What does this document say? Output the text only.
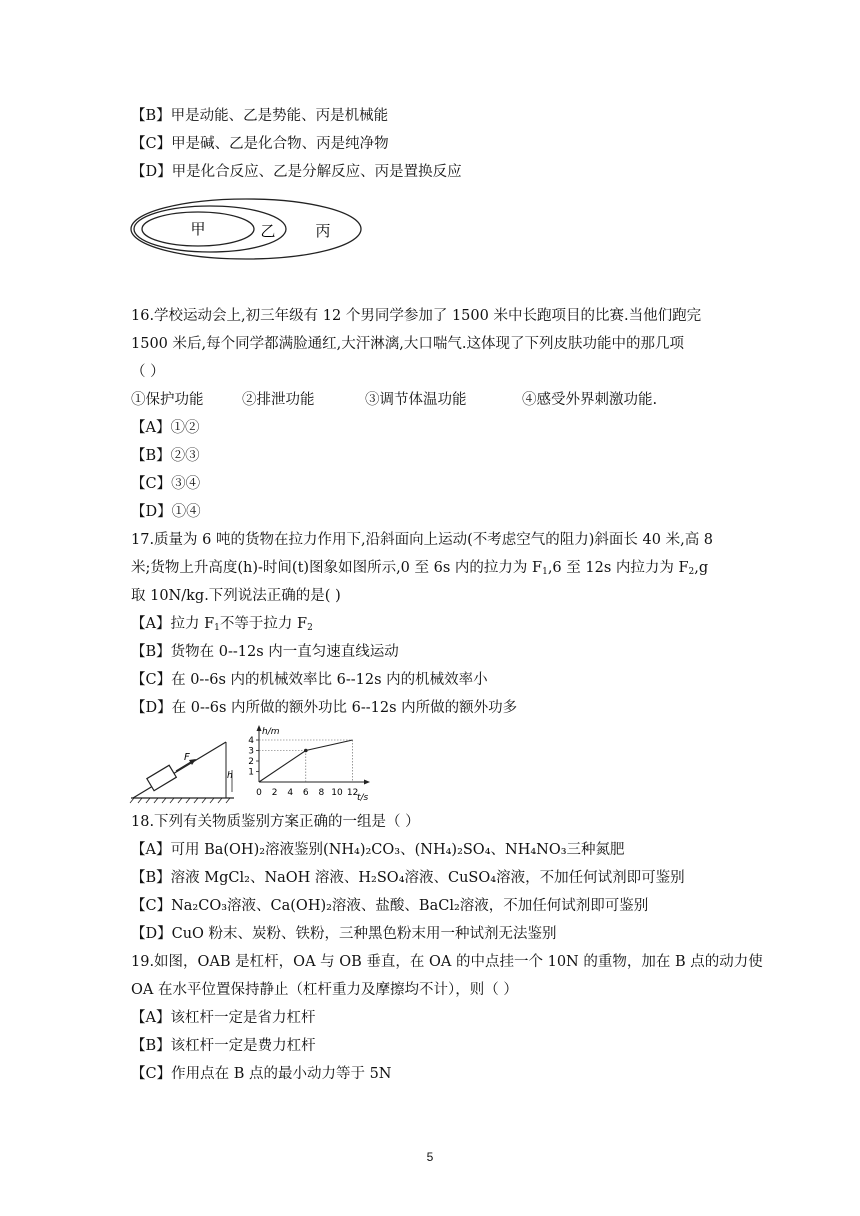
【B】甲是动能、乙是势能、丙是机械能
【C】甲是碱、乙是化合物、丙是纯净物
【D】甲是化合反应、乙是分解反应、丙是置换反应
甲	乙	丙
16.学校运动会上,初三年级有 12 个男同学参加了 1500 米中长跑项目的比赛.当他们跑完
1500 米后,每个同学都满脸通红,大汗淋漓,大口喘气.这体现了下列皮肤功能中的那几项
（ ）
①保护功能	②排泄功能	③调节体温功能	④感受外界刺激功能.
【A】①②
【B】②③
【C】③④
【D】①④
17.质量为 6 吨的货物在拉力作用下,沿斜面向上运动(不考虑空气的阻力)斜面长 40 米,高 8
米;货物上升高度(h)-时间(t)图象如图所示,0 至 6s 内的拉力为 $F_1,6$ 至 12s 内拉力为 $F_2,g$
取 10N/kg.下列说法正确的是( )
【A】拉力 $F_1$不等于拉力 $F_2$
【B】货物在 0--12s 内一直匀速直线运动
【C】在 0--6s 内的机械效率比 6--12s 内的机械效率小
【D】在 0--6s 内所做的额外功比 6--12s 内所做的额外功多
F
h
h/m
t/s
1
2
3
4
0 2 4 6 8 10 12
18.下列有关物质鉴别方案正确的一组是（ ）
【A】可用 Ba(OH)₂溶液鉴别(NH₄)₂CO₃、(NH₄)₂SO₄、NH₄NO₃三种氮肥
【B】溶液 MgCl₂、NaOH 溶液、H₂SO₄溶液、CuSO₄溶液，不加任何试剂即可鉴别
【C】Na₂CO₃溶液、Ca(OH)₂溶液、盐酸、BaCl₂溶液，不加任何试剂即可鉴别
【D】CuO 粉末、炭粉、铁粉，三种黑色粉末用一种试剂无法鉴别
19.如图，OAB 是杠杆，OA 与 OB 垂直，在 OA 的中点挂一个 10N 的重物，加在 B 点的动力使
OA 在水平位置保持静止（杠杆重力及摩擦均不计），则（ ）
【A】该杠杆一定是省力杠杆
【B】该杠杆一定是费力杠杆
【C】作用点在 B 点的最小动力等于 5N
5
